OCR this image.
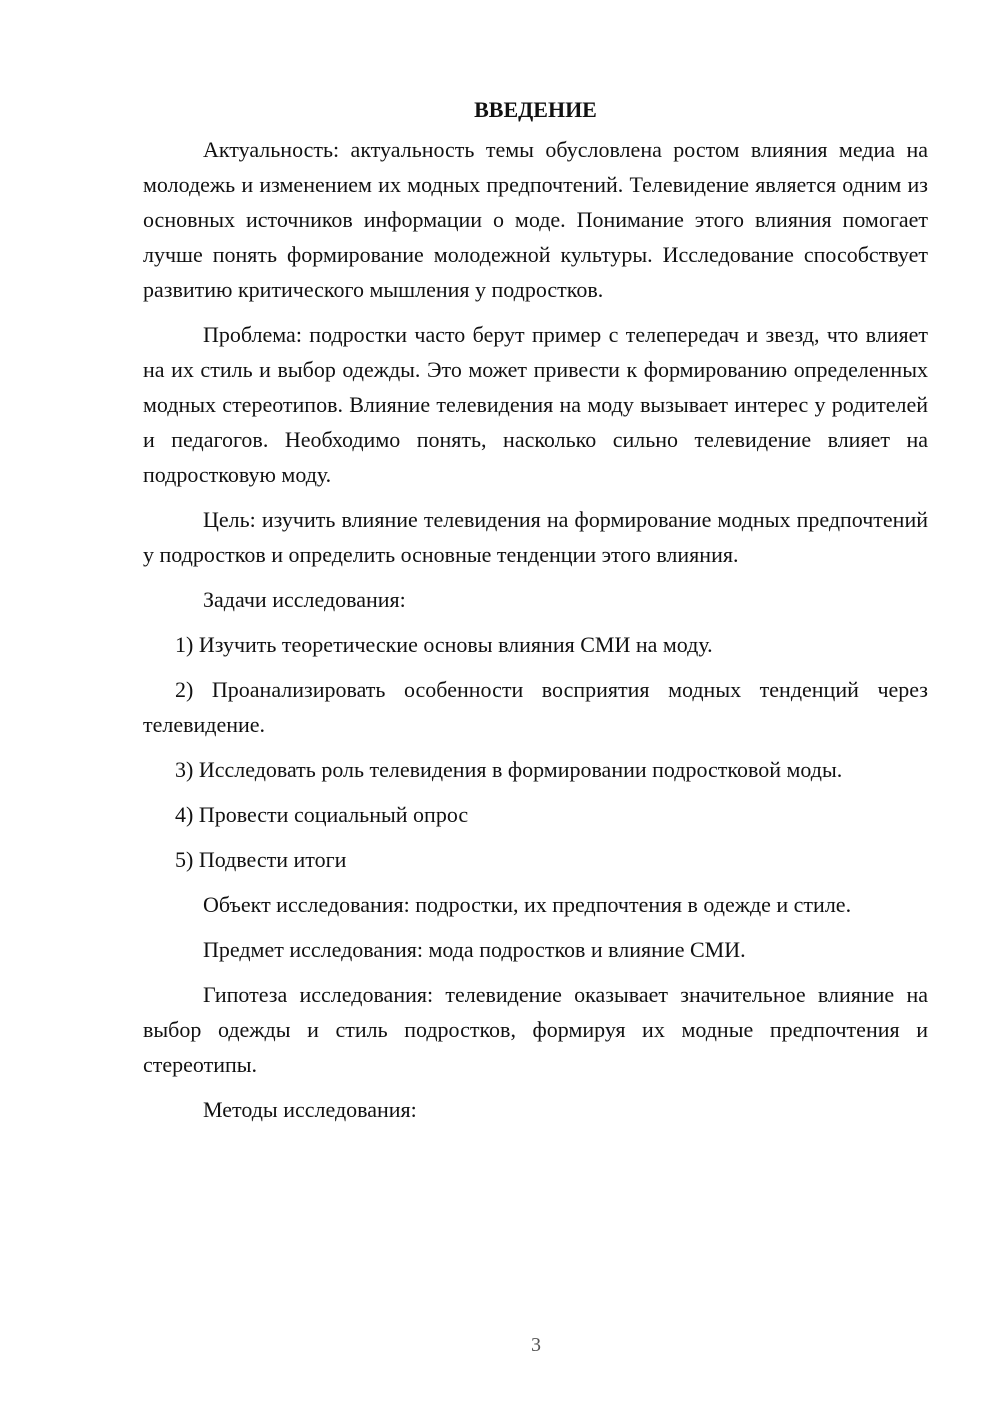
ВВЕДЕНИЕ

Актуальность: актуальность темы обусловлена ростом влияния медиа на молодежь и изменением их модных предпочтений. Телевидение является одним из основных источников информации о моде. Понимание этого влияния помогает лучше понять формирование молодежной культуры. Исследование способствует развитию критического мышления у подростков.

Проблема: подростки часто берут пример с телепередач и звезд, что влияет на их стиль и выбор одежды. Это может привести к формированию определенных модных стереотипов. Влияние телевидения на моду вызывает интерес у родителей и педагогов. Необходимо понять, насколько сильно телевидение влияет на подростковую моду.

Цель: изучить влияние телевидения на формирование модных предпочтений у подростков и определить основные тенденции этого влияния.

Задачи исследования:

1) Изучить теоретические основы влияния СМИ на моду.

2) Проанализировать особенности восприятия модных тенденций через телевидение.

3) Исследовать роль телевидения в формировании подростковой моды.

4) Провести социальный опрос

5) Подвести итоги

Объект исследования: подростки, их предпочтения в одежде и стиле.

Предмет исследования: мода подростков и влияние СМИ.

Гипотеза исследования: телевидение оказывает значительное влияние на выбор одежды и стиль подростков, формируя их модные предпочтения и стереотипы.

Методы исследования:

3
